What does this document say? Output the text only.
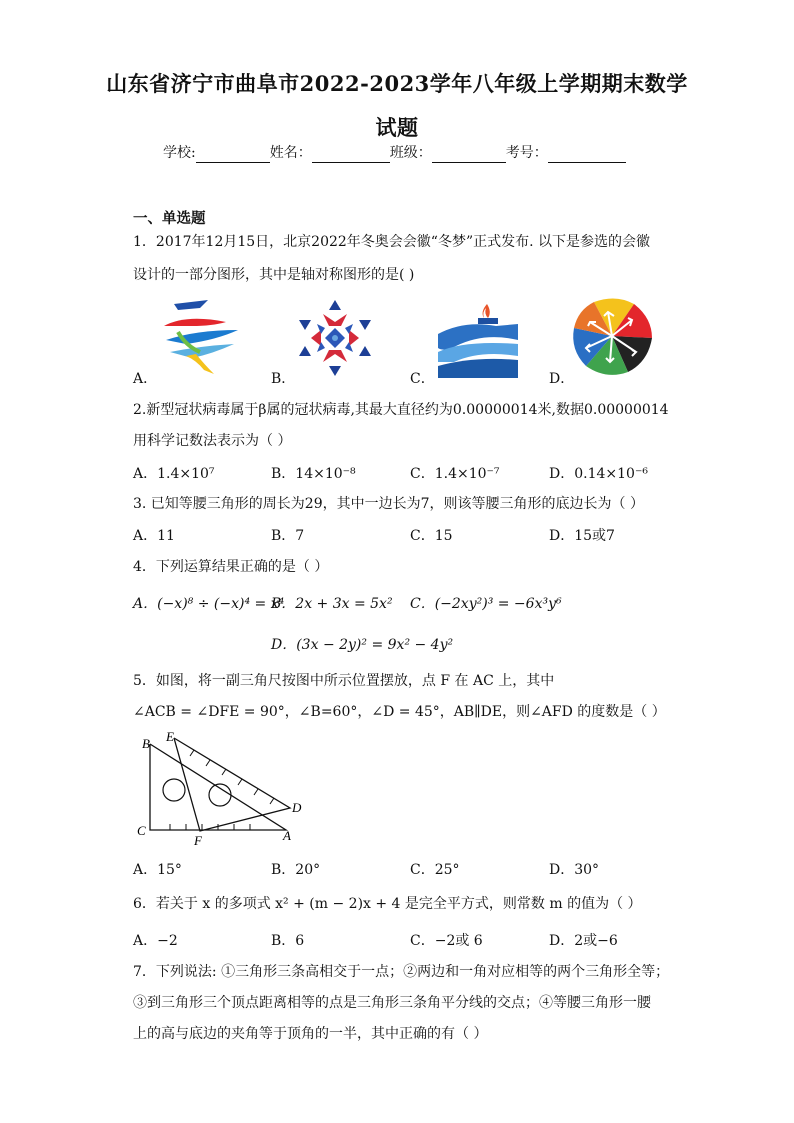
山东省济宁市曲阜市2022-2023学年八年级上学期期末数学
试题
学校:	姓名：	班级：	考号：
一、单选题
1．2017年12月15日，北京2022年冬奥会会徽“冬梦”正式发布. 以下是参选的会徽
设计的一部分图形，其中是轴对称图形的是( )
A．	B．	C．	D．
2.新型冠状病毒属于β属的冠状病毒,其最大直径约为0.00000014米,数据0.00000014
用科学记数法表示为（ ）
A．1.4×10⁷	B．14×10⁻⁸	C．1.4×10⁻⁷	D．0.14×10⁻⁶
3. 已知等腰三角形的周长为29，其中一边长为7，则该等腰三角形的底边长为（ ）
A．11	B．7	C．15	D．15或7
4．下列运算结果正确的是（ ）
A．(−x)⁸ ÷ (−x)⁴ = x⁴
B．2x + 3x = 5x² C．(−2xy²)³ = −6x³y⁶
D．(3x − 2y)² = 9x² − 4y²
5．如图，将一副三角尺按图中所示位置摆放，点 F 在 AC 上，其中
∠ACB = ∠DFE = 90°，∠B=60°，∠D = 45°，AB∥DE，则∠AFD 的度数是（ ）
B E
C
F
D
A
A．15°	B．20°	C．25°	D．30°
6．若关于 x 的多项式 x² + (m − 2)x + 4 是完全平方式，则常数 m 的值为（ ）
A．−2	B．6	C．−2或 6	D．2或−6
7．下列说法: ①三角形三条高相交于一点；②两边和一角对应相等的两个三角形全等；
③到三角形三个顶点距离相等的点是三角形三条角平分线的交点；④等腰三角形一腰
上的高与底边的夹角等于顶角的一半，其中正确的有（ ）
